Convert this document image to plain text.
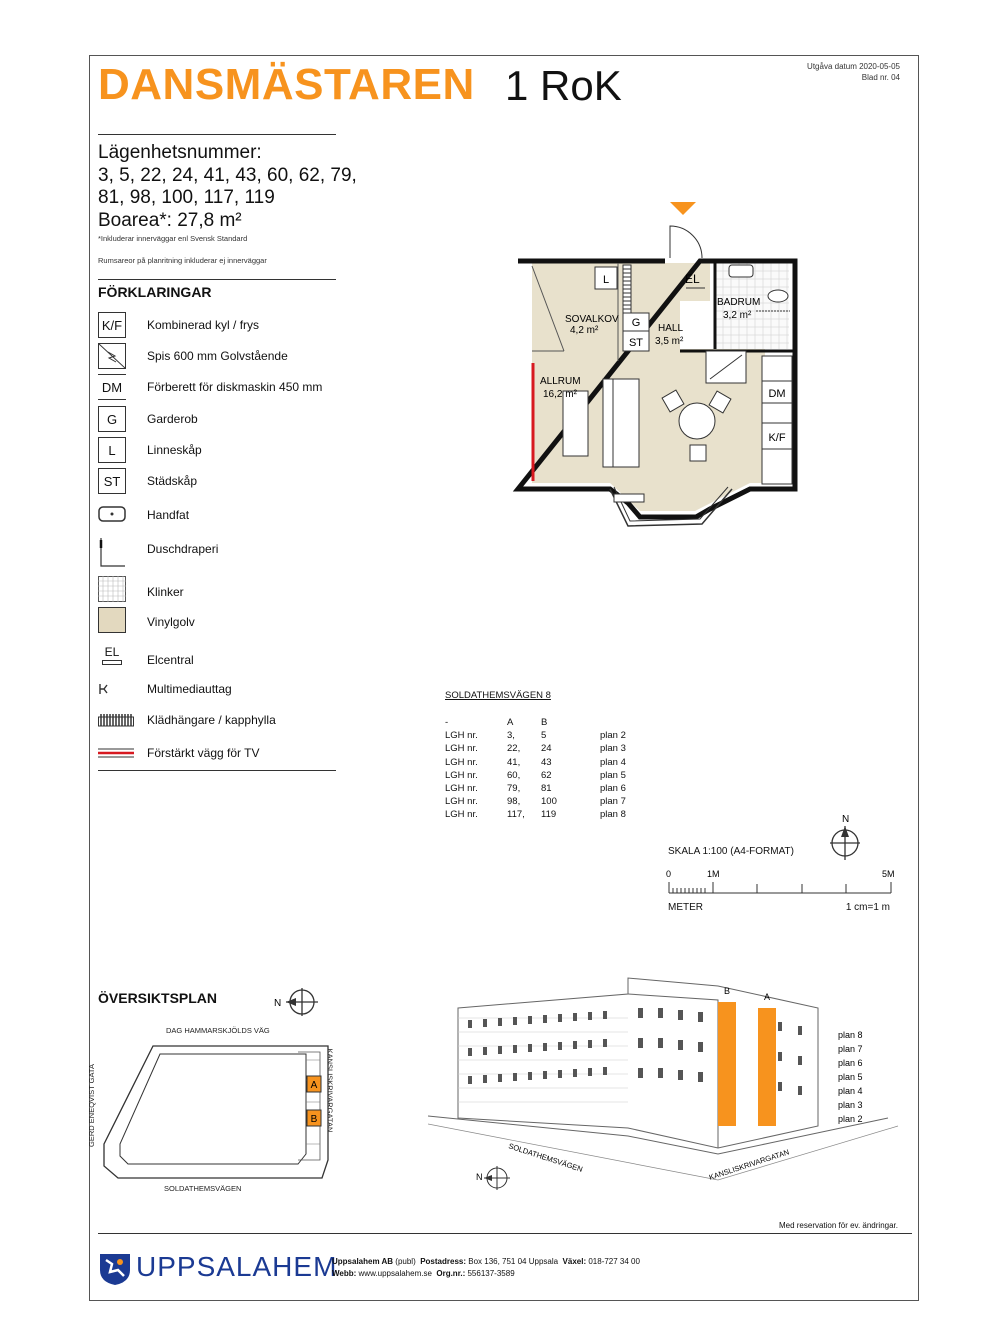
DANSMÄSTAREN 1 RoK	Utgåva datum 2020-05-05
Blad nr. 04
Lägenhetsnummer:
3, 5, 22, 24, 41, 43, 60, 62, 79,
81, 98, 100, 117, 119
Boarea*: 27,8 m²
*Inkluderar innerväggar enl Svensk Standard
Rumsareor på planritning inkluderar ej innerväggar
FÖRKLARINGAR
K/F	Kombinerad kyl / frys
Spis 600 mm Golvstående
DM	Förberett för diskmaskin 450 mm
G	Garderob
L	Linneskåp
ST	Städskåp
Handfat
Duschdraperi
Klinker
Vinylgolv
EL
Elcentral
Multimediauttag
Klädhängare / kapphylla
Förstärkt vägg för TV
L
G
ST
EL
DM
K/F
SOVALKOV
4,2 m²	HALL
3,5 m²
BADRUM
3,2 m²
ALLRUM
16,2 m²
SOLDATHEMSVÄGEN 8
-	A	B	
LGH nr.	3,	5	plan 2
LGH nr.	22,	24	plan 3
LGH nr.	41,	43	plan 4
LGH nr.	60,	62	plan 5
LGH nr.	79,	81	plan 6
LGH nr.	98,	100	plan 7
LGH nr.	117,	119	plan 8	N
SKALA 1:100 (A4-FORMAT)
0	1M	5M
METER	1 cm=1 m
ÖVERSIKTSPLAN	N
DAG HAMMARSKJÖLDS VÄG
GERD ENEQVIST GATA	KANSLISKRIVARGATAN
SOLDATHEMSVÄGEN
A
B
B
A
plan 8
plan 7
plan 6
plan 5
plan 4
plan 3
plan 2
SOLDATHEMSVÄGEN	KANSLISKRIVARGATAN
N
Med reservation för ev. ändringar.
UPPSALAHEM
Uppsalahem AB (publ) Postadress: Box 136, 751 04 Uppsala Växel: 018-727 34 00
Webb: www.uppsalahem.se Org.nr.: 556137-3589
